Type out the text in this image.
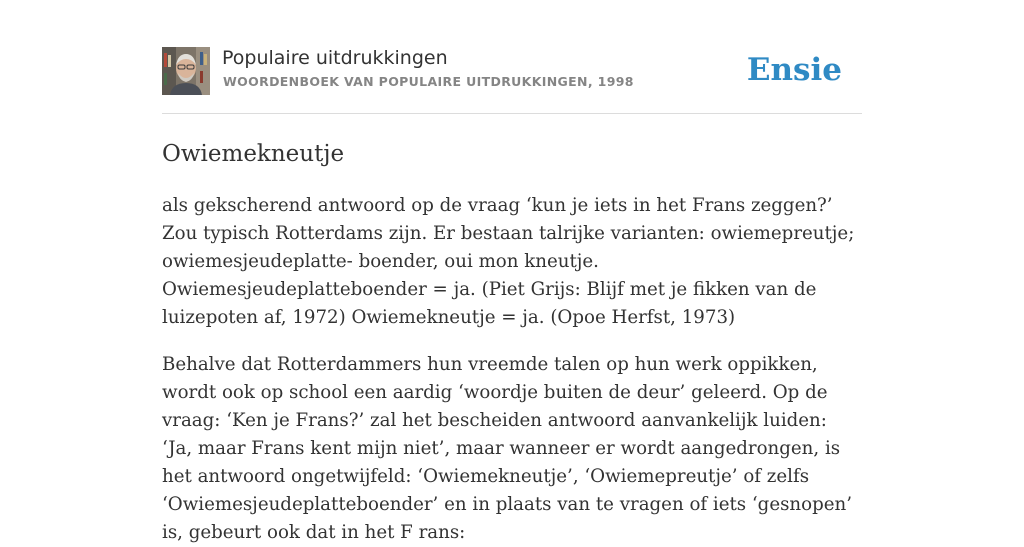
Populaire uitdrukkingen
WOORDENBOEK VAN POPULAIRE UITDRUKKINGEN, 1998	Ensie
Owiemekneutje

als gekscherend antwoord op de vraag ‘kun je iets in het Frans zeggen?’ Zou typisch Rotterdams zijn. Er bestaan talrijke varianten: owiemepreutje; owiemesjeudeplatte- boender, oui mon kneutje. Owiemesjeudeplatteboender = ja. (Piet Grijs: Blijf met je fikken van de luizepoten af, 1972) Owiemekneutje = ja. (Opoe Herfst, 1973)

Behalve dat Rotterdammers hun vreemde talen op hun werk oppikken, wordt ook op school een aardig ‘woordje buiten de deur’ geleerd. Op de vraag: ‘Ken je Frans?’ zal het bescheiden antwoord aanvankelijk luiden: ‘Ja, maar Frans kent mijn niet’, maar wanneer er wordt aangedrongen, is het antwoord ongetwijfeld: ‘Owiemekneutje’, ‘Owiemepreutje’ of zelfs ‘Owiemesjeudeplatteboender’ en in plaats van te vragen of iets ‘gesnopen’ is, gebeurt ook dat in het F rans:
